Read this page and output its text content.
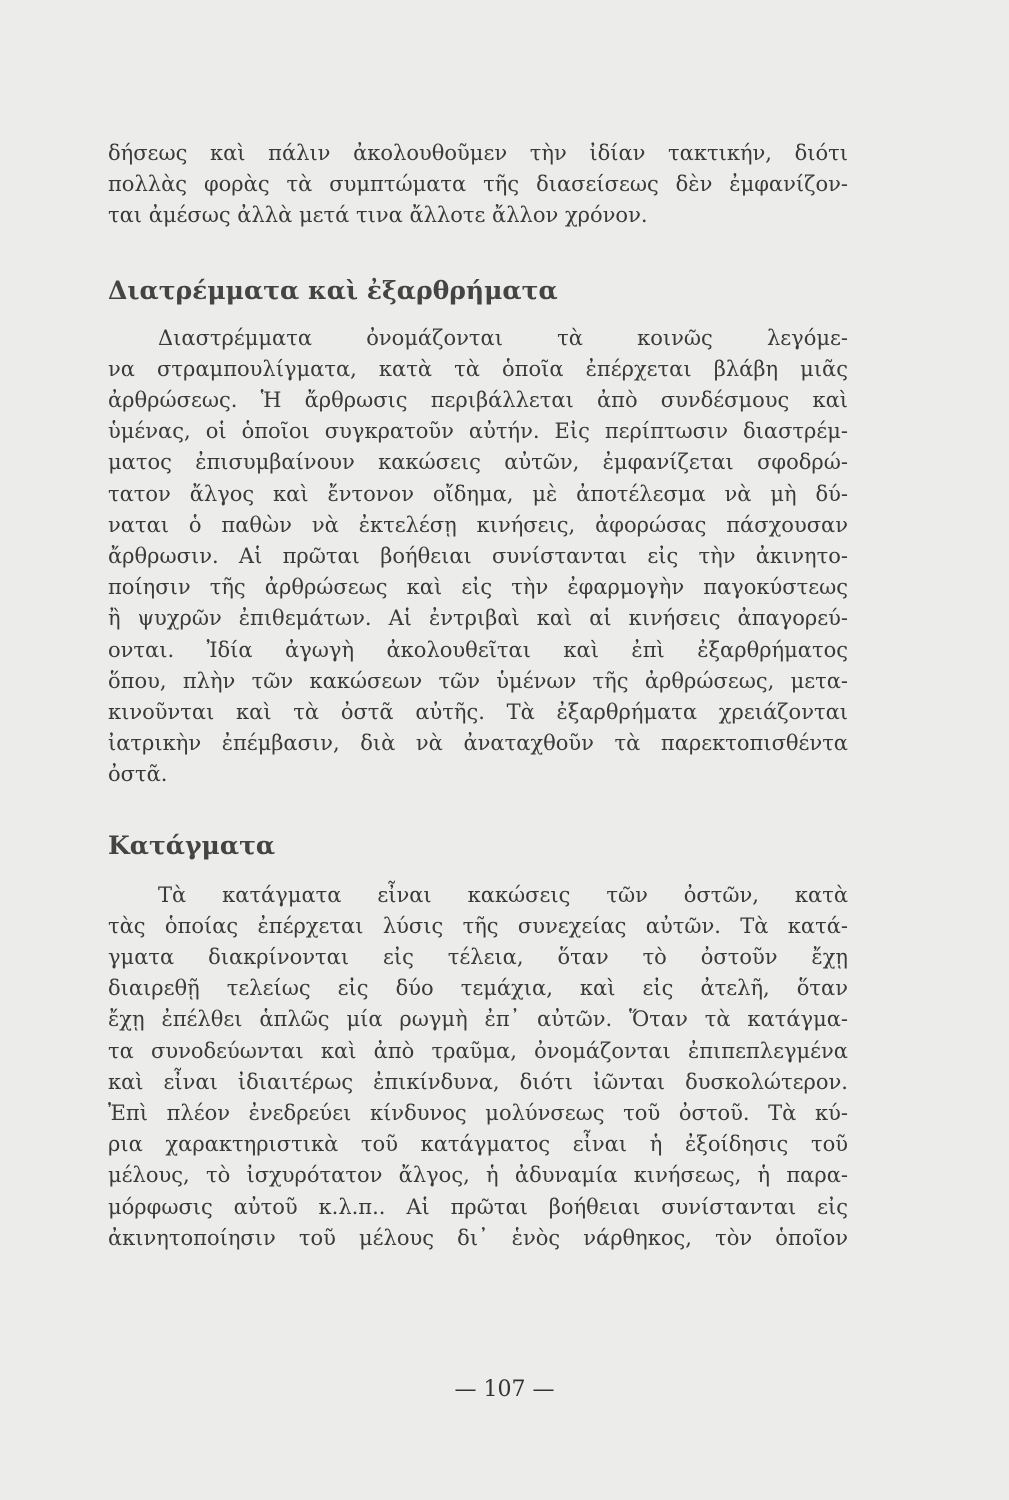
δήσεως καὶ πάλιν ἀκολουθοῦμεν τὴν ἰδίαν τακτικήν, διότι
πολλὰς φορὰς τὰ συμπτώματα τῆς διασείσεως δὲν ἐμφανίζον-
ται ἀμέσως ἀλλὰ μετά τινα ἄλλοτε ἄλλον χρόνον.

Διατρέμματα καὶ ἐξαρθρήματα

Διαστρέμματα ὀνομάζονται τὰ κοινῶς λεγόμε-
να στραμπουλίγματα, κατὰ τὰ ὁποῖα ἐπέρχεται βλάβη μιᾶς
ἀρθρώσεως. Ἡ ἄρθρωσις περιβάλλεται ἀπὸ συνδέσμους καὶ
ὑμένας, οἱ ὁποῖοι συγκρατοῦν αὐτήν. Εἰς περίπτωσιν διαστρέμ-
ματος ἐπισυμβαίνουν κακώσεις αὐτῶν, ἐμφανίζεται σφοδρώ-
τατον ἄλγος καὶ ἔντονον οἴδημα, μὲ ἀποτέλεσμα νὰ μὴ δύ-
ναται ὁ παθὼν νὰ ἐκτελέσῃ κινήσεις, ἀφορώσας πάσχουσαν
ἄρθρωσιν. Αἱ πρῶται βοήθειαι συνίστανται εἰς τὴν ἀκινητο-
ποίησιν τῆς ἀρθρώσεως καὶ εἰς τὴν ἐφαρμογὴν παγοκύστεως
ἢ ψυχρῶν ἐπιθεμάτων. Αἱ ἐντριβαὶ καὶ αἱ κινήσεις ἀπαγορεύ-
ονται. Ἰδία ἀγωγὴ ἀκολουθεῖται καὶ ἐπὶ ἐξαρθρήματος
ὅπου, πλὴν τῶν κακώσεων τῶν ὑμένων τῆς ἀρθρώσεως, μετα-
κινοῦνται καὶ τὰ ὀστᾶ αὐτῆς. Τὰ ἐξαρθρήματα χρειάζονται
ἰατρικὴν ἐπέμβασιν, διὰ νὰ ἀναταχθοῦν τὰ παρεκτοπισθέντα
ὀστᾶ.

Κατάγματα

Τὰ κατάγματα εἶναι κακώσεις τῶν ὀστῶν, κατὰ
τὰς ὁποίας ἐπέρχεται λύσις τῆς συνεχείας αὐτῶν. Τὰ κατά-
γματα διακρίνονται εἰς τέλεια, ὅταν τὸ ὀστοῦν ἔχῃ
διαιρεθῇ τελείως εἰς δύο τεμάχια, καὶ εἰς ἀτελῆ, ὅταν
ἔχῃ ἐπέλθει ἁπλῶς μία ρωγμὴ ἐπ᾽ αὐτῶν. Ὅταν τὰ κατάγμα-
τα συνοδεύωνται καὶ ἀπὸ τραῦμα, ὀνομάζονται ἐπιπεπλεγμένα
καὶ εἶναι ἰδιαιτέρως ἐπικίνδυνα, διότι ἰῶνται δυσκολώτερον.
Ἐπὶ πλέον ἐνεδρεύει κίνδυνος μολύνσεως τοῦ ὀστοῦ. Τὰ κύ-
ρια χαρακτηριστικὰ τοῦ κατάγματος εἶναι ἡ ἐξοίδησις τοῦ
μέλους, τὸ ἰσχυρότατον ἄλγος, ἡ ἀδυναμία κινήσεως, ἡ παρα-
μόρφωσις αὐτοῦ κ.λ.π.. Αἱ πρῶται βοήθειαι συνίστανται εἰς
ἀκινητοποίησιν τοῦ μέλους δι᾽ ἑνὸς νάρθηκος, τὸν ὁποῖον

— 107 —
